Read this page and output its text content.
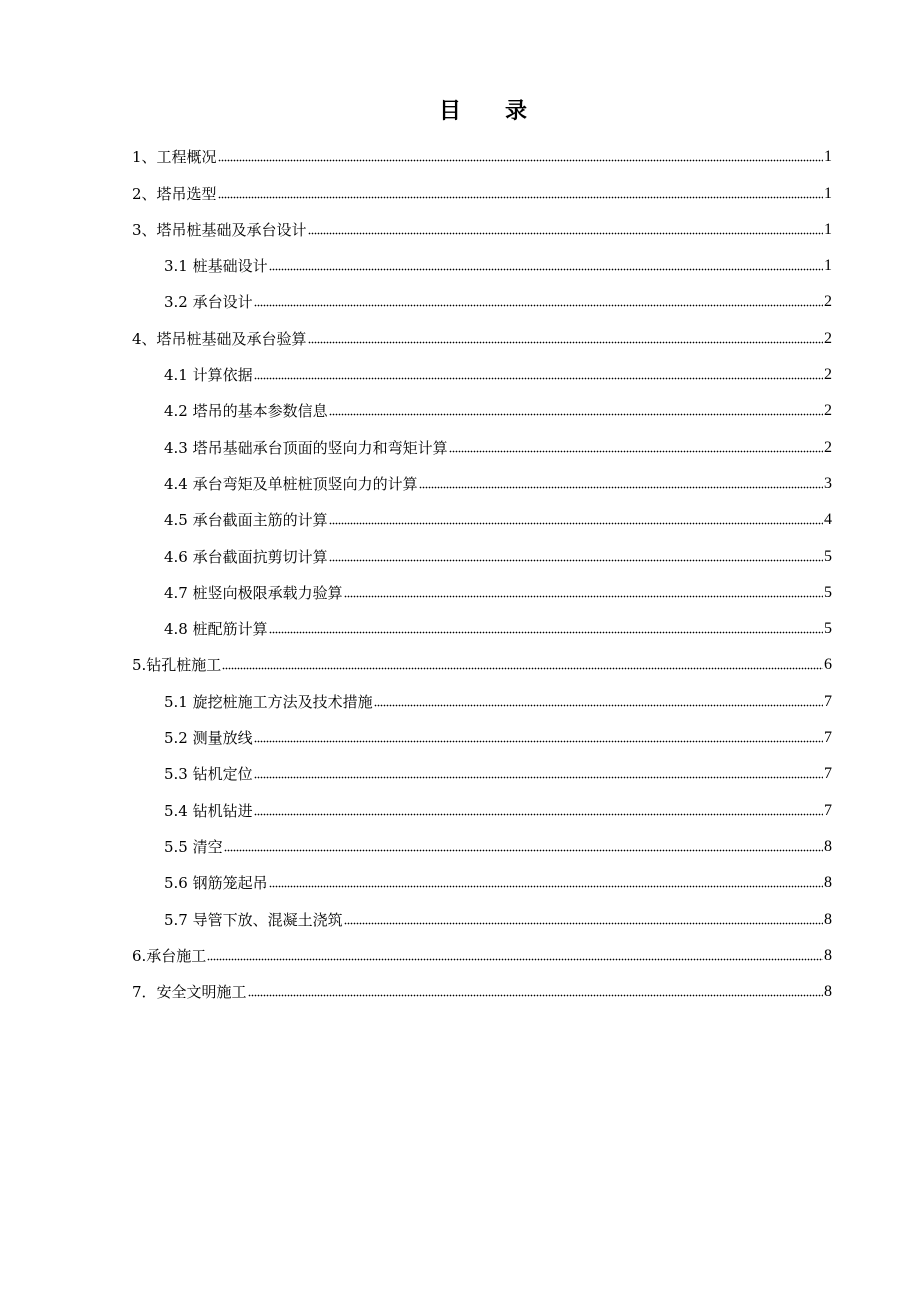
目录
1、工程概况	1
2、塔吊选型	1
3、塔吊桩基础及承台设计	1
3.1 桩基础设计	1
3.2 承台设计	2
4、塔吊桩基础及承台验算	2
4.1 计算依据	2
4.2 塔吊的基本参数信息	2
4.3 塔吊基础承台顶面的竖向力和弯矩计算	2
4.4 承台弯矩及单桩桩顶竖向力的计算	3
4.5 承台截面主筋的计算	4
4.6 承台截面抗剪切计算	5
4.7 桩竖向极限承载力验算	5
4.8 桩配筋计算	5
5.钻孔桩施工	6
5.1 旋挖桩施工方法及技术措施	7
5.2 测量放线	7
5.3 钻机定位	7
5.4 钻机钻进	7
5.5 清空	8
5.6 钢筋笼起吊	8
5.7 导管下放、混凝土浇筑	8
6.承台施工	8
7．安全文明施工	8
